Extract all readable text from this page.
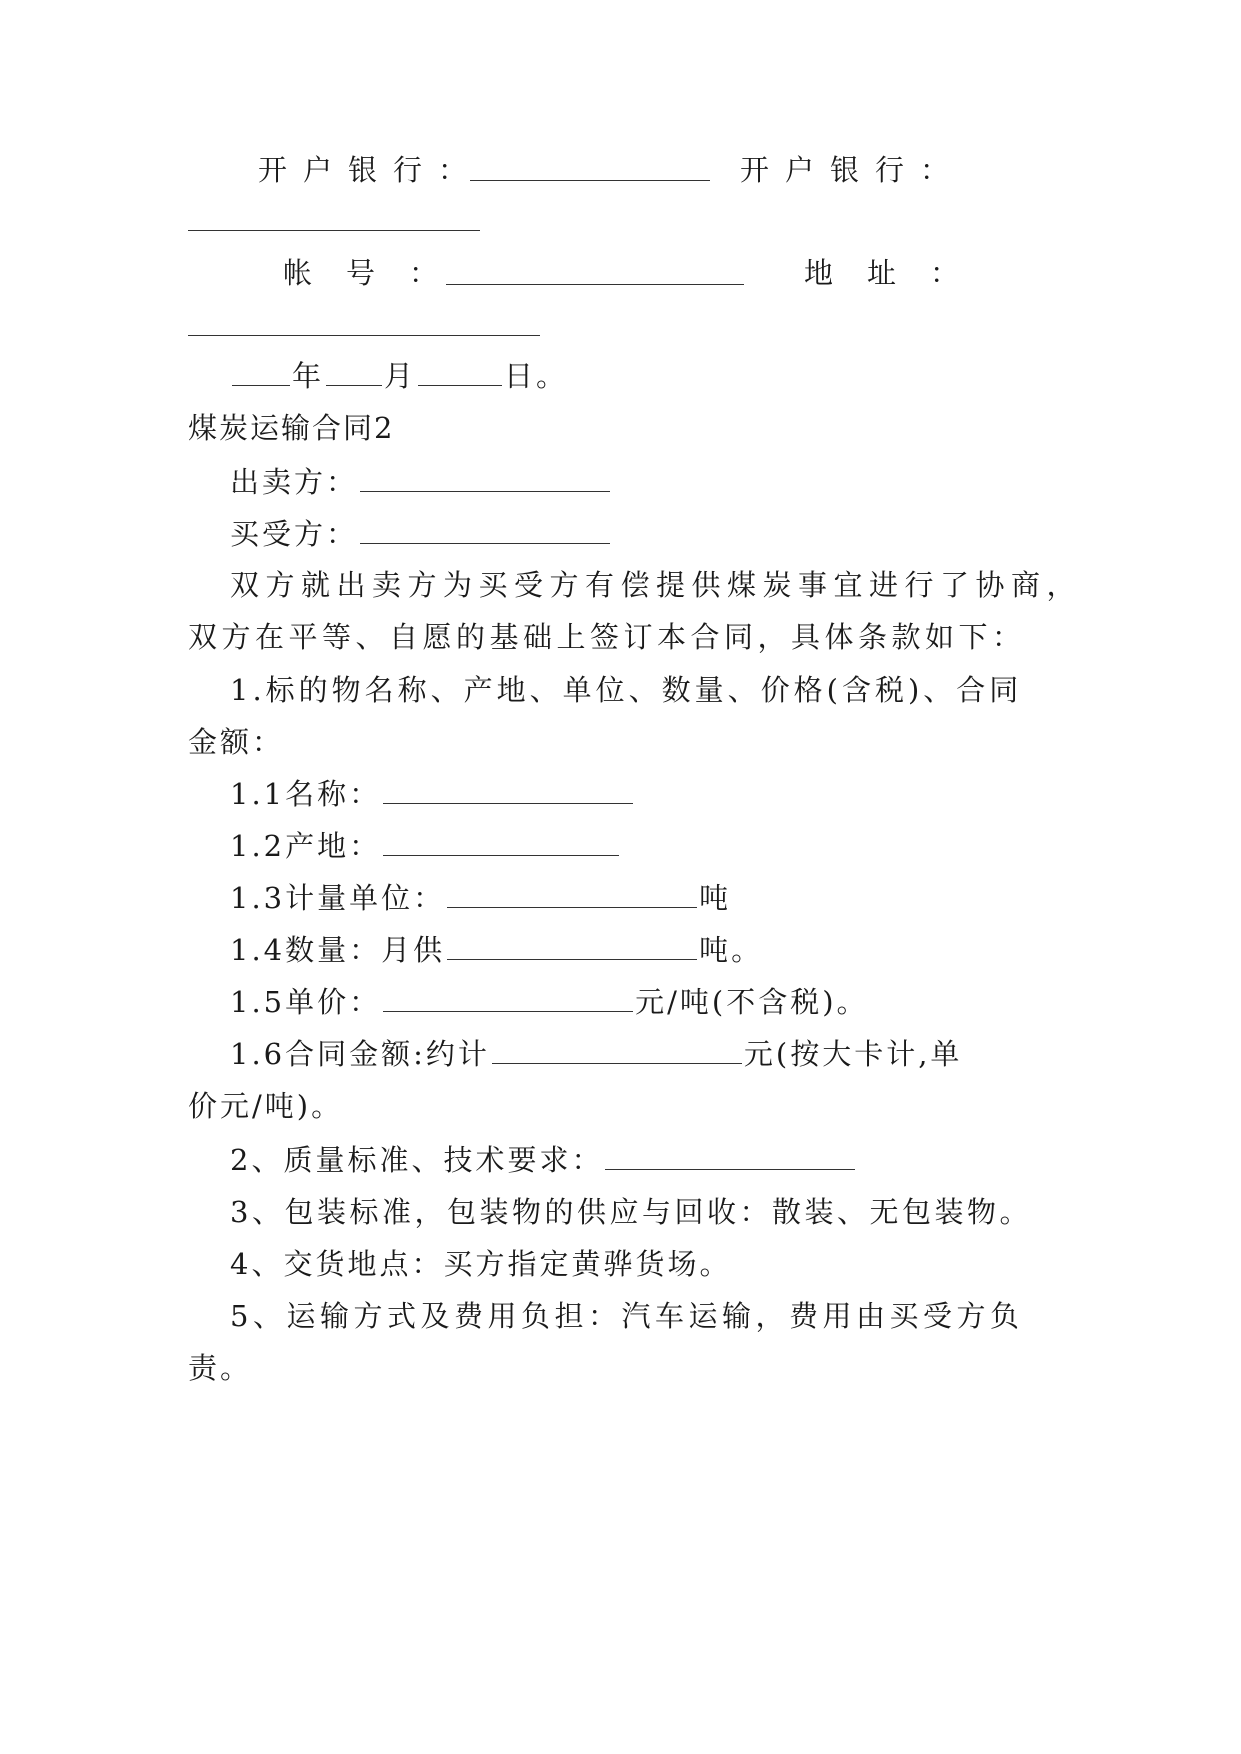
开户银行：	开户银行：
帐号：	地址：
年 月	日。
煤炭运输合同2
出卖方：
买受方：
双方就出卖方为买受方有偿提供煤炭事宜进行了协商，
双方在平等、自愿的基础上签订本合同，具体条款如下：
1.标的物名称、产地、单位、数量、价格(含税)、合同
金额：
1.1名称：
1.2产地：
1.3计量单位：	吨
1.4数量：月供	吨。
1.5单价：	元/吨(不含税)。
1.6合同金额:约计	元(按大卡计,单
价元/吨)。
2、质量标准、技术要求：
3、包装标准，包装物的供应与回收：散装、无包装物。
4、交货地点：买方指定黄骅货场。
5、运输方式及费用负担：汽车运输，费用由买受方负
责。
